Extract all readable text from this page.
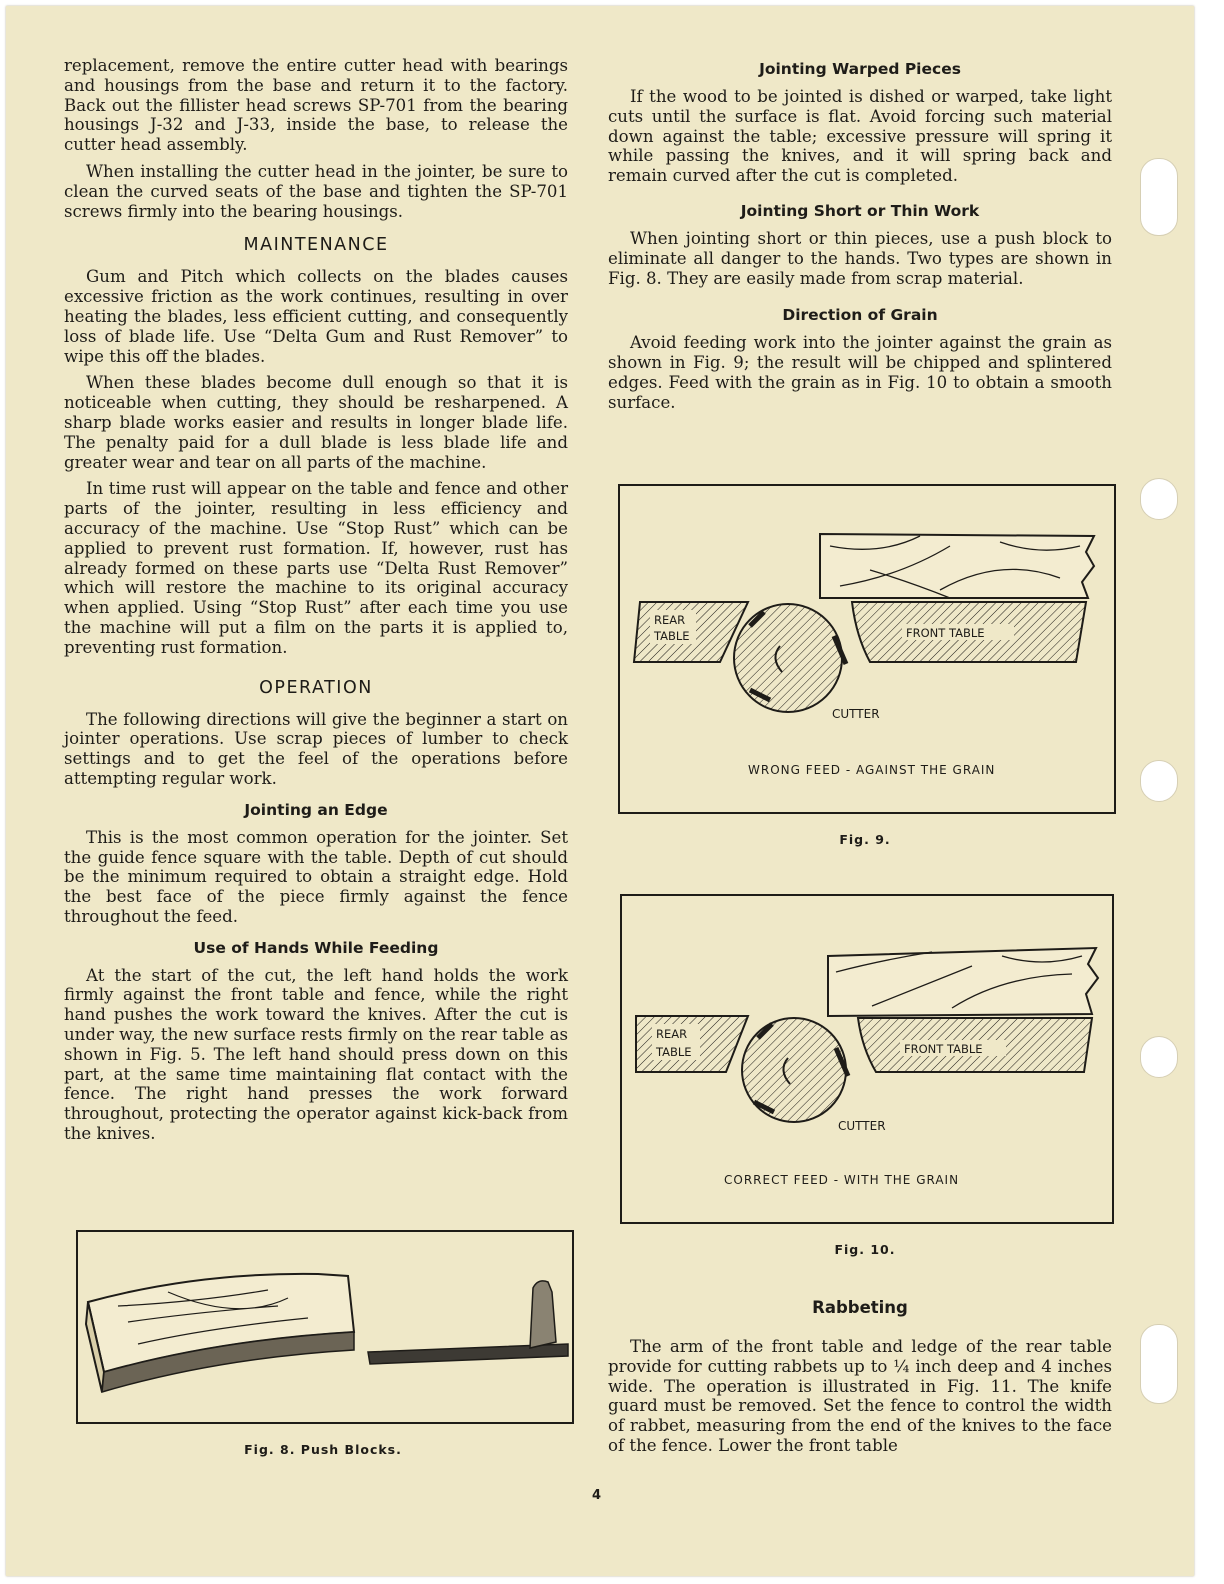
replacement, remove the entire cutter head with bearings and housings from the base and return it to the factory. Back out the fillister head screws SP-701 from the bearing housings J-32 and J-33, inside the base, to release the cutter head assembly.

When installing the cutter head in the jointer, be sure to clean the curved seats of the base and tighten the SP-701 screws firmly into the bearing housings.

MAINTENANCE

Gum and Pitch which collects on the blades causes excessive friction as the work continues, resulting in over heating the blades, less efficient cutting, and consequently loss of blade life. Use “Delta Gum and Rust Remover” to wipe this off the blades.

When these blades become dull enough so that it is noticeable when cutting, they should be resharpened. A sharp blade works easier and results in longer blade life. The penalty paid for a dull blade is less blade life and greater wear and tear on all parts of the machine.

In time rust will appear on the table and fence and other parts of the jointer, resulting in less efficiency and accuracy of the machine. Use “Stop Rust” which can be applied to prevent rust formation. If, however, rust has already formed on these parts use “Delta Rust Remover” which will restore the machine to its original accuracy when applied. Using “Stop Rust” after each time you use the machine will put a film on the parts it is applied to, preventing rust formation.

OPERATION

The following directions will give the beginner a start on jointer operations. Use scrap pieces of lumber to check settings and to get the feel of the operations before attempting regular work.

Jointing an Edge

This is the most common operation for the jointer. Set the guide fence square with the table. Depth of cut should be the minimum required to obtain a straight edge. Hold the best face of the piece firmly against the fence throughout the feed.

Use of Hands While Feeding

At the start of the cut, the left hand holds the work firmly against the front table and fence, while the right hand pushes the work toward the knives. After the cut is under way, the new surface rests firmly on the rear table as shown in Fig. 5. The left hand should press down on this part, at the same time maintaining flat contact with the fence. The right hand presses the work forward throughout, protecting the operator against kick-back from the knives.

Fig. 8. Push Blocks.
Jointing Warped Pieces

If the wood to be jointed is dished or warped, take light cuts until the surface is flat. Avoid forcing such material down against the table; excessive pressure will spring it while passing the knives, and it will spring back and remain curved after the cut is completed.

Jointing Short or Thin Work

When jointing short or thin pieces, use a push block to eliminate all danger to the hands. Two types are shown in Fig. 8. They are easily made from scrap material.

Direction of Grain

Avoid feeding work into the jointer against the grain as shown in Fig. 9; the result will be chipped and splintered edges. Feed with the grain as in Fig. 10 to obtain a smooth surface.

REAR
TABLE	FRONT TABLE
CUTTER
WRONG FEED - AGAINST THE GRAIN
Fig. 9.
REAR
TABLE	FRONT TABLE
CUTTER
CORRECT FEED - WITH THE GRAIN
Fig. 10.
Rabbeting

The arm of the front table and ledge of the rear table provide for cutting rabbets up to ¼ inch deep and 4 inches wide. The operation is illustrated in Fig. 11. The knife guard must be removed. Set the fence to control the width of rabbet, measuring from the end of the knives to the face of the fence. Lower the front table

4
